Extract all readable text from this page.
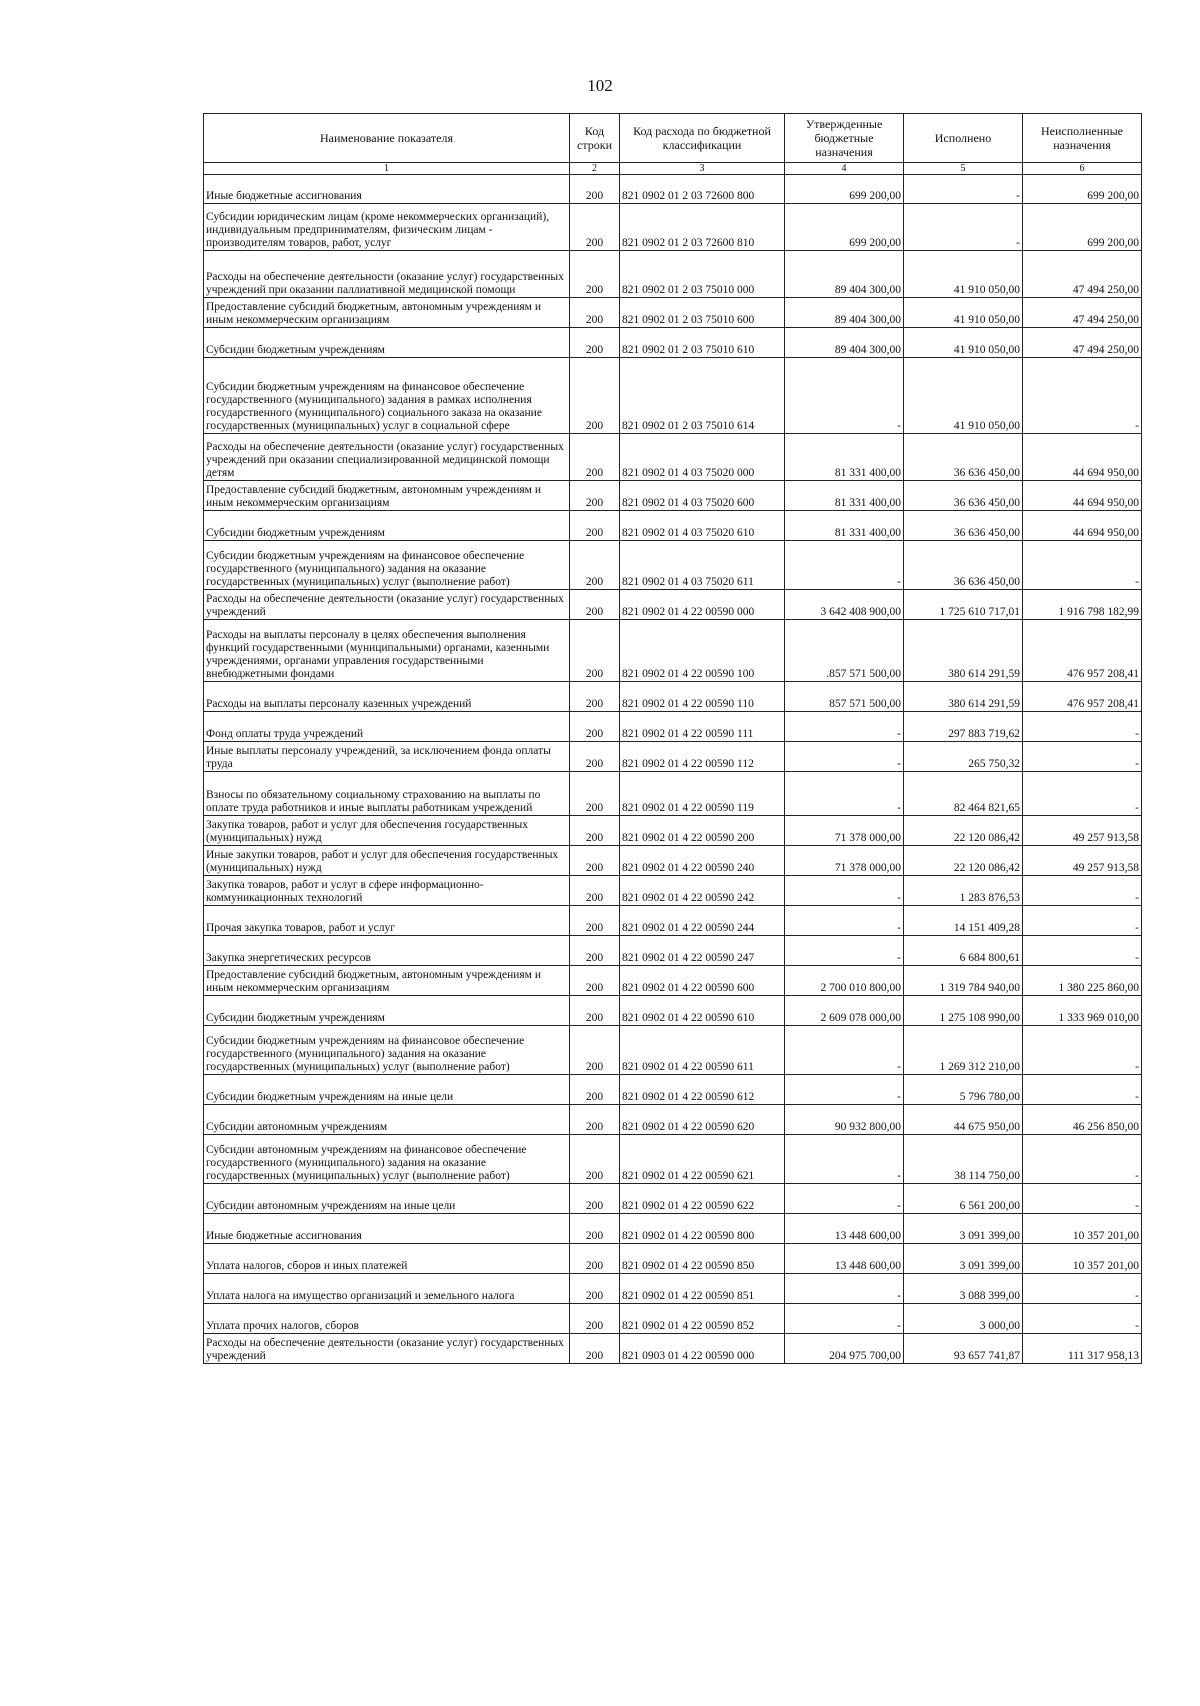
102
Наименование показателя	Код строки	Код расхода по бюджетной классификации	Утвержденные бюджетные назначения	Исполнено	Неисполненные назначения
1	2	3	4	5	6
Иные бюджетные ассигнования	200	821 0902 01 2 03 72600 800	699 200,00	-	699 200,00
Субсидии юридическим лицам (кроме некоммерческих организаций), индивидуальным предпринимателям, физическим лицам - производителям товаров, работ, услуг	200	821 0902 01 2 03 72600 810	699 200,00	-	699 200,00
Расходы на обеспечение деятельности (оказание услуг) государственных учреждений при оказании паллиативной медицинской помощи	200	821 0902 01 2 03 75010 000	89 404 300,00	41 910 050,00	47 494 250,00
Предоставление субсидий бюджетным, автономным учреждениям и иным некоммерческим организациям	200	821 0902 01 2 03 75010 600	89 404 300,00	41 910 050,00	47 494 250,00
Субсидии бюджетным учреждениям	200	821 0902 01 2 03 75010 610	89 404 300,00	41 910 050,00	47 494 250,00
Субсидии бюджетным учреждениям на финансовое обеспечение государственного (муниципального) задания в рамках исполнения государственного (муниципального) социального заказа на оказание государственных (муниципальных) услуг в социальной сфере	200	821 0902 01 2 03 75010 614	-	41 910 050,00	-
Расходы на обеспечение деятельности (оказание услуг) государственных учреждений при оказании специализированной медицинской помощи детям	200	821 0902 01 4 03 75020 000	81 331 400,00	36 636 450,00	44 694 950,00
Предоставление субсидий бюджетным, автономным учреждениям и иным некоммерческим организациям	200	821 0902 01 4 03 75020 600	81 331 400,00	36 636 450,00	44 694 950,00
Субсидии бюджетным учреждениям	200	821 0902 01 4 03 75020 610	81 331 400,00	36 636 450,00	44 694 950,00
Субсидии бюджетным учреждениям на финансовое обеспечение государственного (муниципального) задания на оказание государственных (муниципальных) услуг (выполнение работ)	200	821 0902 01 4 03 75020 611	-	36 636 450,00	-
Расходы на обеспечение деятельности (оказание услуг) государственных учреждений	200	821 0902 01 4 22 00590 000	3 642 408 900,00	1 725 610 717,01	1 916 798 182,99
Расходы на выплаты персоналу в целях обеспечения выполнения функций государственными (муниципальными) органами, казенными учреждениями, органами управления государственными внебюджетными фондами	200	821 0902 01 4 22 00590 100	.857 571 500,00	380 614 291,59	476 957 208,41
Расходы на выплаты персоналу казенных учреждений	200	821 0902 01 4 22 00590 110	857 571 500,00	380 614 291,59	476 957 208,41
Фонд оплаты труда учреждений	200	821 0902 01 4 22 00590 111	-	297 883 719,62	-
Иные выплаты персоналу учреждений, за исключением фонда оплаты труда	200	821 0902 01 4 22 00590 112	-	265 750,32	-
Взносы по обязательному социальному страхованию на выплаты по оплате труда работников и иные выплаты работникам учреждений	200	821 0902 01 4 22 00590 119	-	82 464 821,65	-
Закупка товаров, работ и услуг для обеспечения государственных (муниципальных) нужд	200	821 0902 01 4 22 00590 200	71 378 000,00	22 120 086,42	49 257 913,58
Иные закупки товаров, работ и услуг для обеспечения государственных (муниципальных) нужд	200	821 0902 01 4 22 00590 240	71 378 000,00	22 120 086,42	49 257 913,58
Закупка товаров, работ и услуг в сфере информационно-коммуникационных технологий	200	821 0902 01 4 22 00590 242	-	1 283 876,53	-
Прочая закупка товаров, работ и услуг	200	821 0902 01 4 22 00590 244	-	14 151 409,28	-
Закупка энергетических ресурсов	200	821 0902 01 4 22 00590 247	-	6 684 800,61	-
Предоставление субсидий бюджетным, автономным учреждениям и иным некоммерческим организациям	200	821 0902 01 4 22 00590 600	2 700 010 800,00	1 319 784 940,00	1 380 225 860,00
Субсидии бюджетным учреждениям	200	821 0902 01 4 22 00590 610	2 609 078 000,00	1 275 108 990,00	1 333 969 010,00
Субсидии бюджетным учреждениям на финансовое обеспечение государственного (муниципального) задания на оказание государственных (муниципальных) услуг (выполнение работ)	200	821 0902 01 4 22 00590 611	-	1 269 312 210,00	-
Субсидии бюджетным учреждениям на иные цели	200	821 0902 01 4 22 00590 612	-	5 796 780,00	-
Субсидии автономным учреждениям	200	821 0902 01 4 22 00590 620	90 932 800,00	44 675 950,00	46 256 850,00
Субсидии автономным учреждениям на финансовое обеспечение государственного (муниципального) задания на оказание государственных (муниципальных) услуг (выполнение работ)	200	821 0902 01 4 22 00590 621	-	38 114 750,00	-
Субсидии автономным учреждениям на иные цели	200	821 0902 01 4 22 00590 622	-	6 561 200,00	-
Иные бюджетные ассигнования	200	821 0902 01 4 22 00590 800	13 448 600,00	3 091 399,00	10 357 201,00
Уплата налогов, сборов и иных платежей	200	821 0902 01 4 22 00590 850	13 448 600,00	3 091 399,00	10 357 201,00
Уплата налога на имущество организаций и земельного налога	200	821 0902 01 4 22 00590 851	-	3 088 399,00	-
Уплата прочих налогов, сборов	200	821 0902 01 4 22 00590 852	-	3 000,00	-
Расходы на обеспечение деятельности (оказание услуг) государственных учреждений	200	821 0903 01 4 22 00590 000	204 975 700,00	93 657 741,87	111 317 958,13
